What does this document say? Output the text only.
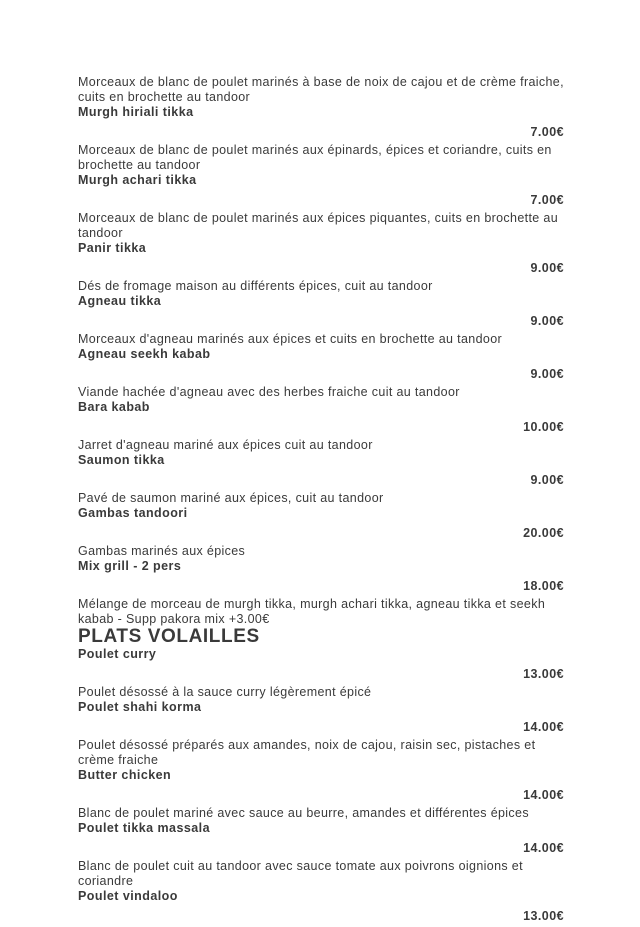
Morceaux de blanc de poulet marinés à base de noix de cajou et de crème fraiche, cuits en brochette au tandoor

Murgh hiriali tikka

7.00€

Morceaux de blanc de poulet marinés aux épinards, épices et coriandre, cuits en brochette au tandoor

Murgh achari tikka

7.00€

Morceaux de blanc de poulet marinés aux épices piquantes, cuits en brochette au tandoor

Panir tikka

9.00€

Dés de fromage maison au différents épices, cuit au tandoor

Agneau tikka

9.00€

Morceaux d'agneau marinés aux épices et cuits en brochette au tandoor

Agneau seekh kabab

9.00€

Viande hachée d'agneau avec des herbes fraiche cuit au tandoor

Bara kabab

10.00€

Jarret d'agneau mariné aux épices cuit au tandoor

Saumon tikka

9.00€

Pavé de saumon mariné aux épices, cuit au tandoor

Gambas tandoori

20.00€

Gambas marinés aux épices

Mix grill - 2 pers

18.00€

Mélange de morceau de murgh tikka, murgh achari tikka, agneau tikka et seekh kabab - Supp pakora mix +3.00€

PLATS VOLAILLES

Poulet curry

13.00€

Poulet désossé à la sauce curry légèrement épicé

Poulet shahi korma

14.00€

Poulet désossé préparés aux amandes, noix de cajou, raisin sec, pistaches et crème fraiche

Butter chicken

14.00€

Blanc de poulet mariné avec sauce au beurre, amandes et différentes épices

Poulet tikka massala

14.00€

Blanc de poulet cuit au tandoor avec sauce tomate aux poivrons oignions et coriandre

Poulet vindaloo

13.00€
